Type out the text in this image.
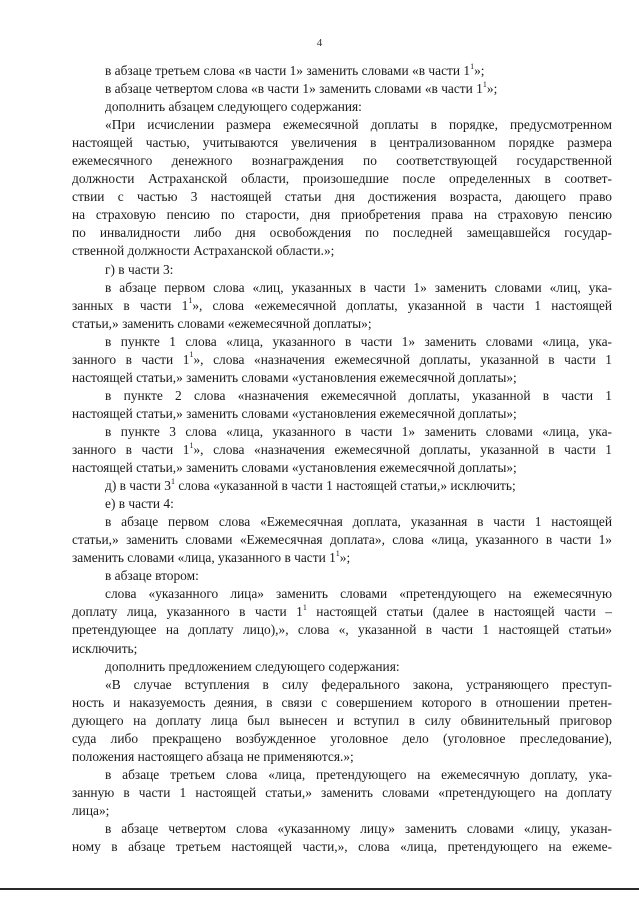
4
в абзаце третьем слова «в части 1» заменить словами «в части $1^1$»;
в абзаце четвертом слова «в части 1» заменить словами «в части $1^1$»;
дополнить абзацем следующего содержания:
«При исчислении размера ежемесячной доплаты в порядке, предусмотренном
настоящей частью, учитываются увеличения в централизованном порядке размера
ежемесячного денежного вознаграждения по соответствующей государственной
должности Астраханской области, произошедшие после определенных в соответ-
ствии с частью 3 настоящей статьи дня достижения возраста, дающего право
на страховую пенсию по старости, дня приобретения права на страховую пенсию
по инвалидности либо дня освобождения по последней замещавшейся государ-
ственной должности Астраханской области.»;
г) в части 3:
в абзаце первом слова «лиц, указанных в части 1» заменить словами «лиц, ука-
занных в части $1^1$», слова «ежемесячной доплаты, указанной в части 1 настоящей
статьи,» заменить словами «ежемесячной доплаты»;
в пункте 1 слова «лица, указанного в части 1» заменить словами «лица, ука-
занного в части $1^1$», слова «назначения ежемесячной доплаты, указанной в части 1
настоящей статьи,» заменить словами «установления ежемесячной доплаты»;
в пункте 2 слова «назначения ежемесячной доплаты, указанной в части 1
настоящей статьи,» заменить словами «установления ежемесячной доплаты»;
в пункте 3 слова «лица, указанного в части 1» заменить словами «лица, ука-
занного в части $1^1$», слова «назначения ежемесячной доплаты, указанной в части 1
настоящей статьи,» заменить словами «установления ежемесячной доплаты»;
д) в части $3^1$ слова «указанной в части 1 настоящей статьи,» исключить;
е) в части 4:
в абзаце первом слова «Ежемесячная доплата, указанная в части 1 настоящей
статьи,» заменить словами «Ежемесячная доплата», слова «лица, указанного в части 1»
заменить словами «лица, указанного в части $1^1$»;
в абзаце втором:
слова «указанного лица» заменить словами «претендующего на ежемесячную
доплату лица, указанного в части $1^1$ настоящей статьи (далее в настоящей части –
претендующее на доплату лицо),», слова «, указанной в части 1 настоящей статьи»
исключить;
дополнить предложением следующего содержания:
«В случае вступления в силу федерального закона, устраняющего преступ-
ность и наказуемость деяния, в связи с совершением которого в отношении претен-
дующего на доплату лица был вынесен и вступил в силу обвинительный приговор
суда либо прекращено возбужденное уголовное дело (уголовное преследование),
положения настоящего абзаца не применяются.»;
в абзаце третьем слова «лица, претендующего на ежемесячную доплату, ука-
занную в части 1 настоящей статьи,» заменить словами «претендующего на доплату
лица»;
в абзаце четвертом слова «указанному лицу» заменить словами «лицу, указан-
ному в абзаце третьем настоящей части,», слова «лица, претендующего на ежеме-
